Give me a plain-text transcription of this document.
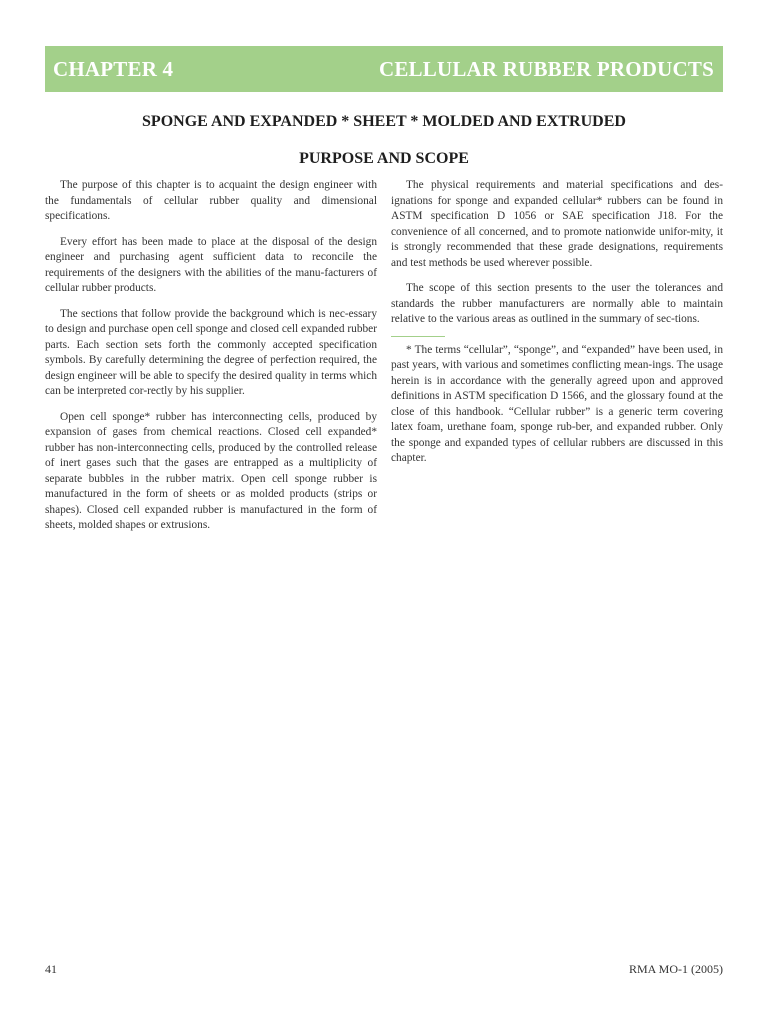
CHAPTER 4	CELLULAR RUBBER PRODUCTS
SPONGE AND EXPANDED * SHEET * MOLDED AND EXTRUDED
PURPOSE AND SCOPE

The purpose of this chapter is to acquaint the design engineer with the fundamentals of cellular rubber quality and dimensional specifications.

Every effort has been made to place at the disposal of the design engineer and purchasing agent sufficient data to reconcile the requirements of the designers with the abilities of the manu-facturers of cellular rubber products.

The sections that follow provide the background which is nec-essary to design and purchase open cell sponge and closed cell expanded rubber parts. Each section sets forth the commonly accepted specification symbols. By carefully determining the degree of perfection required, the design engineer will be able to specify the desired quality in terms which can be interpreted cor-rectly by his supplier.

Open cell sponge* rubber has interconnecting cells, produced by expansion of gases from chemical reactions. Closed cell expanded* rubber has non-interconnecting cells, produced by the controlled release of inert gases such that the gases are entrapped as a multiplicity of separate bubbles in the rubber matrix. Open cell sponge rubber is manufactured in the form of sheets or as molded products (strips or shapes). Closed cell expanded rubber is manufactured in the form of sheets, molded shapes or extrusions.

The physical requirements and material specifications and des-ignations for sponge and expanded cellular* rubbers can be found in ASTM specification D 1056 or SAE specification J18. For the convenience of all concerned, and to promote nationwide unifor-mity, it is strongly recommended that these grade designations, requirements and test methods be used wherever possible.

The scope of this section presents to the user the tolerances and standards the rubber manufacturers are normally able to maintain relative to the various areas as outlined in the summary of sec-tions.

* The terms “cellular”, “sponge”, and “expanded” have been used, in past years, with various and sometimes conflicting mean-ings. The usage herein is in accordance with the generally agreed upon and approved definitions in ASTM specification D 1566, and the glossary found at the close of this handbook. “Cellular rubber” is a generic term covering latex foam, urethane foam, sponge rub-ber, and expanded rubber. Only the sponge and expanded types of cellular rubbers are discussed in this chapter.

41	RMA MO-1 (2005)
